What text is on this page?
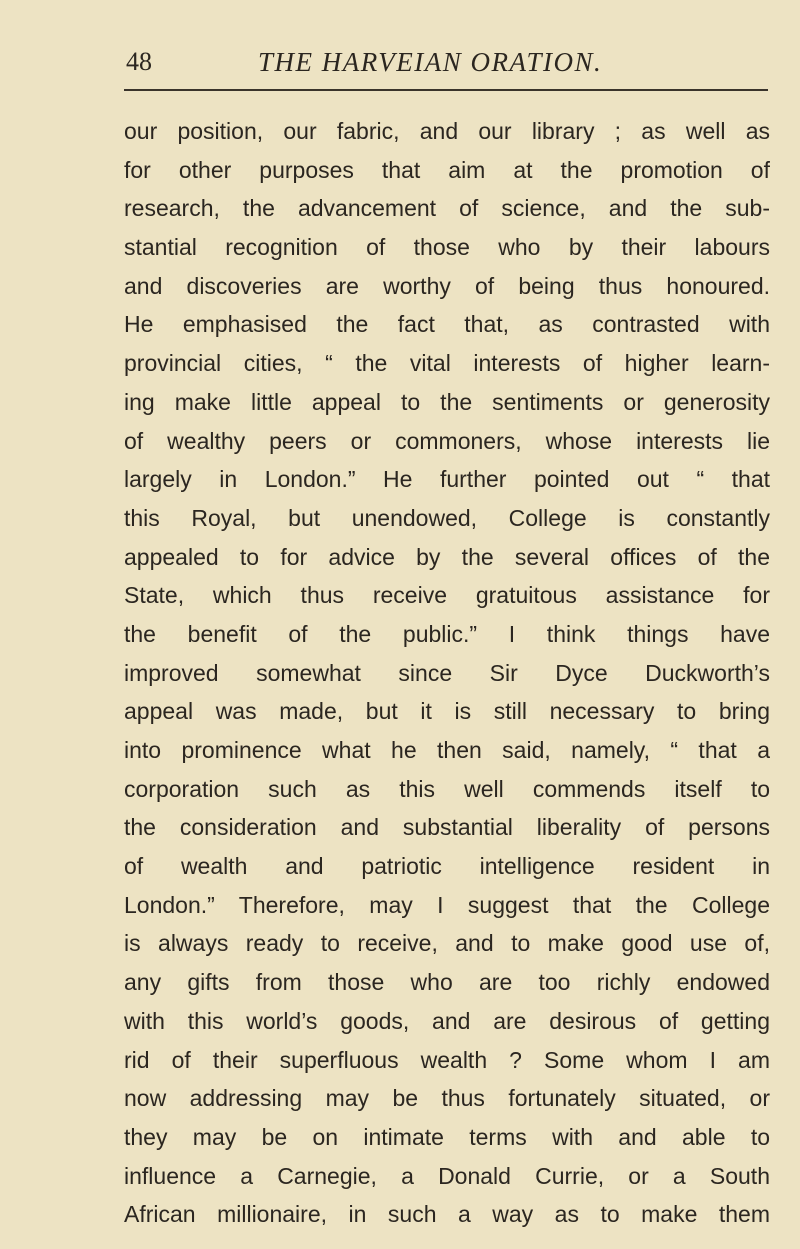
48	THE HARVEIAN ORATION.
our position, our fabric, and our library ; as well as
for other purposes that aim at the promotion of
research, the advancement of science, and the sub-
stantial recognition of those who by their labours
and discoveries are worthy of being thus honoured.
He emphasised the fact that, as contrasted with
provincial cities, “ the vital interests of higher learn-
ing make little appeal to the sentiments or generosity
of wealthy peers or commoners, whose interests lie
largely in London.” He further pointed out “ that
this Royal, but unendowed, College is constantly
appealed to for advice by the several offices of the
State, which thus receive gratuitous assistance for
the benefit of the public.” I think things have
improved somewhat since Sir Dyce Duckworth’s
appeal was made, but it is still necessary to bring
into prominence what he then said, namely, “ that a
corporation such as this well commends itself to
the consideration and substantial liberality of persons
of wealth and patriotic intelligence resident in
London.” Therefore, may I suggest that the College
is always ready to receive, and to make good use of,
any gifts from those who are too richly endowed
with this world’s goods, and are desirous of getting
rid of their superfluous wealth ? Some whom I am
now addressing may be thus fortunately situated, or
they may be on intimate terms with and able to
influence a Carnegie, a Donald Currie, or a South
African millionaire, in such a way as to make them
